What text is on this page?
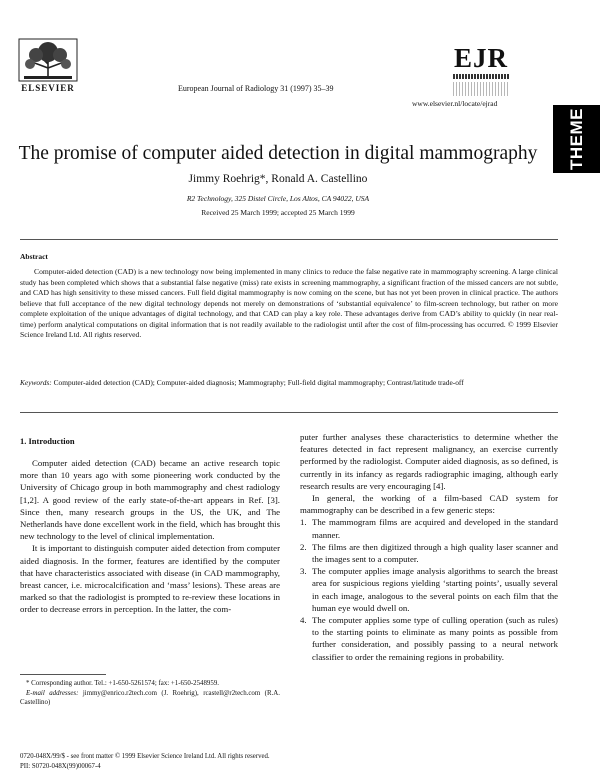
ELSEVIER	European Journal of Radiology 31 (1997) 35–39
EJR
www.elsevier.nl/locate/ejrad
THEME
The promise of computer aided detection in digital mammography
Jimmy Roehrig*, Ronald A. Castellino
R2 Technology, 325 Distel Circle, Los Altos, CA 94022, USA
Received 25 March 1999; accepted 25 March 1999
Abstract
Computer-aided detection (CAD) is a new technology now being implemented in many clinics to reduce the false negative rate in mammography screening. A large clinical study has been completed which shows that a substantial false negative (miss) rate exists in screening mammography, a significant fraction of the missed cancers are not subtle, and CAD has high sensitivity to these missed cancers. Full field digital mammography is now coming on the scene, but has not yet been proven in clinical practice. The authors believe that full acceptance of the new digital technology depends not merely on demonstrations of ‘substantial equivalence’ to film-screen technology, but rather on more complete exploitation of the unique advantages of digital technology, and that CAD can play a key role. These advantages derive from CAD’s ability to quickly (in near real-time) perform analytical computations on digital information that is not readily available to the radiologist until after the cost of film-processing has occurred. © 1999 Elsevier Science Ireland Ltd. All rights reserved.
Keywords: Computer-aided detection (CAD); Computer-aided diagnosis; Mammography; Full-field digital mammography; Contrast/latitude trade-off
1. Introduction

Computer aided detection (CAD) became an active research topic more than 10 years ago with some pioneering work conducted by the University of Chicago group in both mammography and chest radiology [1,2]. A good review of the early state-of-the-art appears in Ref. [3]. Since then, many research groups in the US, the UK, and The Netherlands have done excellent work in the field, which has brought this new technology to the level of clinical implementation.

It is important to distinguish computer aided detection from computer aided diagnosis. In the former, features are identified by the computer that have characteristics associated with disease (in CAD mammography, breast cancer, i.e. microcalcification and ‘mass’ lesions). These areas are marked so that the radiologist is prompted to re-review these locations in order to decrease errors in perception. In the latter, the com-

puter further analyses these characteristics to determine whether the features detected in fact represent malignancy, an exercise currently performed by the radiologist. Computer aided diagnosis, as so defined, is currently in its infancy as regards radiographic imaging, although early research results are very encouraging [4].

In general, the working of a film-based CAD system for mammography can be described in a few generic steps:

1. The mammogram films are acquired and developed in the standard manner.
2. The films are then digitized through a high quality laser scanner and the images sent to a computer.
3. The computer applies image analysis algorithms to search the breast area for suspicious regions yielding ‘starting points’, usually several in each image, analogous to the several points on each film that the human eye would dwell on.
4. The computer applies some type of culling operation (such as rules) to the starting points to eliminate as many points as possible from further consideration, and possibly passing to a neural network classifier to order the remaining regions in probability.

* Corresponding author. Tel.: +1-650-5261574; fax: +1-650-2548959.

E-mail addresses: jimmy@enrico.r2tech.com (J. Roehrig), rcastell@r2tech.com (R.A. Castellino)

0720-048X/99/$ - see front matter © 1999 Elsevier Science Ireland Ltd. All rights reserved.
PII: S0720-048X(99)00067-4
